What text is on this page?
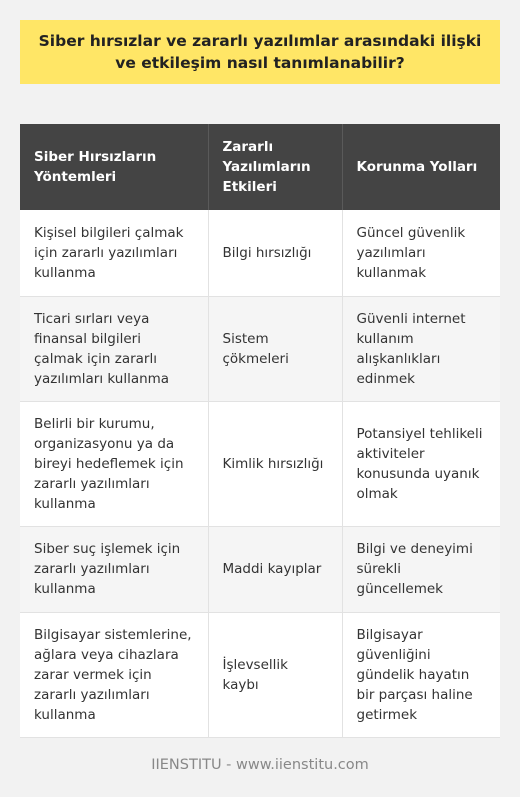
Siber hırsızlar ve zararlı yazılımlar arasındaki ilişki ve etkileşim nasıl tanımlanabilir?
Siber Hırsızların Yöntemleri	Zararlı Yazılımların Etkileri	Korunma Yolları
Kişisel bilgileri çalmak için zararlı yazılımları kullanma	Bilgi hırsızlığı	Güncel güvenlik yazılımları kullanmak
Ticari sırları veya finansal bilgileri çalmak için zararlı yazılımları kullanma	Sistem çökmeleri	Güvenli internet kullanım alışkanlıkları edinmek
Belirli bir kurumu, organizasyonu ya da bireyi hedeflemek için zararlı yazılımları kullanma	Kimlik hırsızlığı	Potansiyel tehlikeli aktiviteler konusunda uyanık olmak
Siber suç işlemek için zararlı yazılımları kullanma	Maddi kayıplar	Bilgi ve deneyimi sürekli güncellemek
Bilgisayar sistemlerine, ağlara veya cihazlara zarar vermek için zararlı yazılımları kullanma	İşlevsellik kaybı	Bilgisayar güvenliğini gündelik hayatın bir parçası haline getirmek
IIENSTITU - www.iienstitu.com
